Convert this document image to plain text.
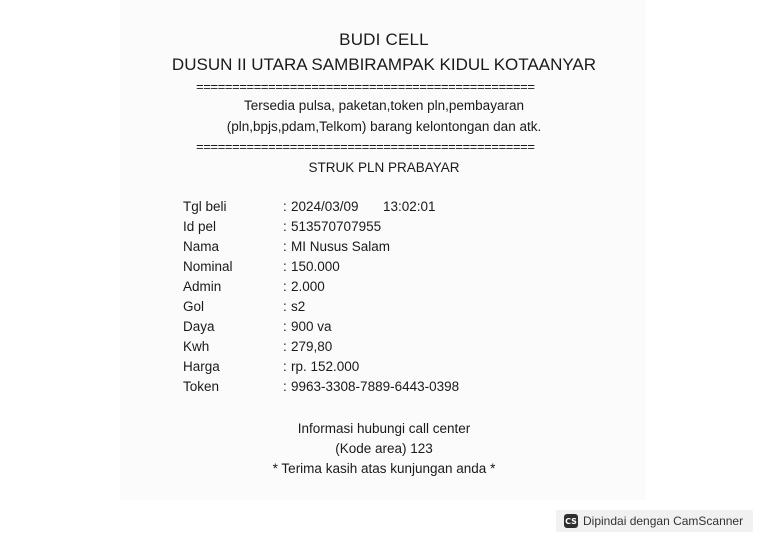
BUDI CELL
DUSUN II UTARA SAMBIRAMPAK KIDUL KOTAANYAR
===============================================
Tersedia pulsa, paketan,token pln,pembayaran
(pln,bpjs,pdam,Telkom) barang kelontongan dan atk.
===============================================
STRUK PLN PRABAYAR
Tgl beli	: 2024/03/09 13:02:01
Id pel	: 513570707955
Nama	: MI Nusus Salam
Nominal	: 150.000
Admin	: 2.000
Gol	: s2
Daya	: 900 va
Kwh	: 279,80
Harga	: rp. 152.000
Token	: 9963-3308-7889-6443-0398
Informasi hubungi call center
(Kode area) 123
* Terima kasih atas kunjungan anda *
CS Dipindai dengan CamScanner
